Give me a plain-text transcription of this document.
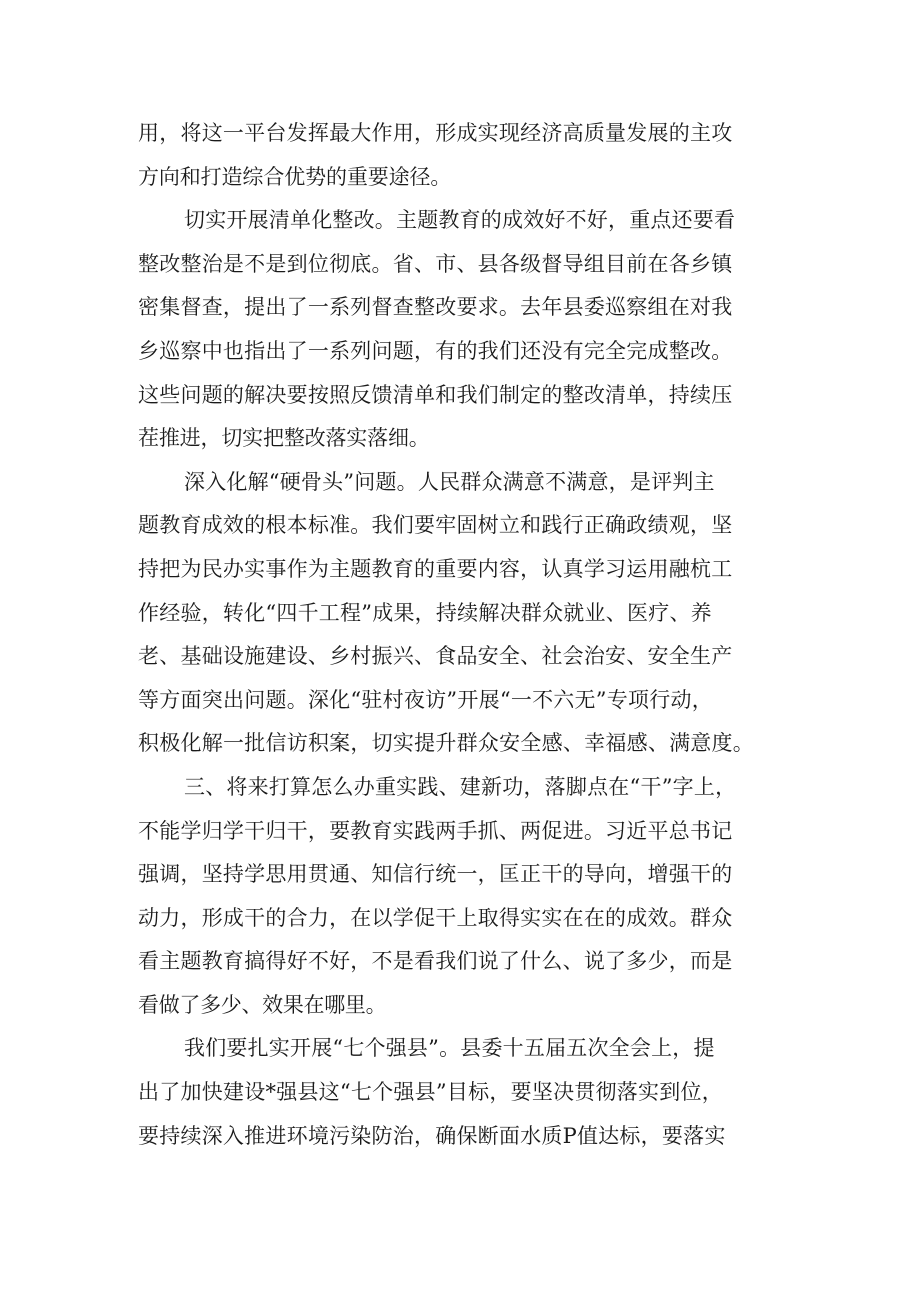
用，将这一平台发挥最大作用，形成实现经济高质量发展的主攻
方向和打造综合优势的重要途径。
切实开展清单化整改。主题教育的成效好不好，重点还要看
整改整治是不是到位彻底。省、市、县各级督导组目前在各乡镇
密集督查，提出了一系列督查整改要求。去年县委巡察组在对我
乡巡察中也指出了一系列问题，有的我们还没有完全完成整改。
这些问题的解决要按照反馈清单和我们制定的整改清单，持续压
茬推进，切实把整改落实落细。
深入化解“硬骨头”问题。人民群众满意不满意，是评判主
题教育成效的根本标准。我们要牢固树立和践行正确政绩观，坚
持把为民办实事作为主题教育的重要内容，认真学习运用融杭工
作经验，转化“四千工程”成果，持续解决群众就业、医疗、养
老、基础设施建设、乡村振兴、食品安全、社会治安、安全生产
等方面突出问题。深化“驻村夜访”开展“一不六无”专项行动，
积极化解一批信访积案，切实提升群众安全感、幸福感、满意度。
三、将来打算怎么办重实践、建新功，落脚点在“干”字上，
不能学归学干归干，要教育实践两手抓、两促进。习近平总书记
强调，坚持学思用贯通、知信行统一，匡正干的导向，增强干的
动力，形成干的合力，在以学促干上取得实实在在的成效。群众
看主题教育搞得好不好，不是看我们说了什么、说了多少，而是
看做了多少、效果在哪里。
我们要扎实开展“七个强县”。县委十五届五次全会上，提
出了加快建设*强县这“七个强县”目标，要坚决贯彻落实到位，
要持续深入推进环境污染防治，确保断面水质P值达标，要落实
